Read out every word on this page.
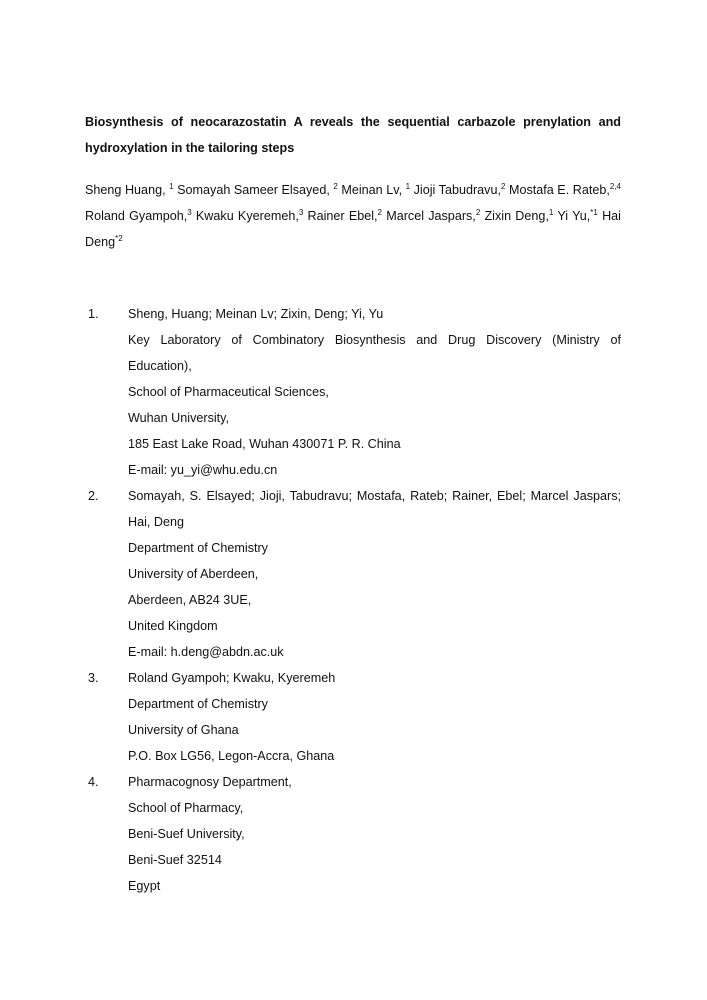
Biosynthesis of neocarazostatin A reveals the sequential carbazole prenylation and hydroxylation in the tailoring steps
Sheng Huang, $^1$ Somayah Sameer Elsayed, $^2$ Meinan Lv, $^1$ Jioji Tabudravu,$^2$ Mostafa E. Rateb,$^{2,4}$ Roland Gyampoh,$^3$ Kwaku Kyeremeh,$^3$ Rainer Ebel,$^2$ Marcel Jaspars,$^2$ Zixin Deng,$^1$ Yi Yu,$^{*1}$ Hai Deng$^{*2}$
1.	Sheng, Huang; Meinan Lv; Zixin, Deng; Yi, Yu
Key Laboratory of Combinatory Biosynthesis and Drug Discovery (Ministry of Education),
School of Pharmaceutical Sciences,
Wuhan University,
185 East Lake Road, Wuhan 430071 P. R. China
E-mail: yu_yi@whu.edu.cn
2.	Somayah, S. Elsayed; Jioji, Tabudravu; Mostafa, Rateb; Rainer, Ebel; Marcel Jaspars; Hai, Deng
Department of Chemistry
University of Aberdeen,
Aberdeen, AB24 3UE,
United Kingdom
E-mail: h.deng@abdn.ac.uk
3.	Roland Gyampoh; Kwaku, Kyeremeh
Department of Chemistry
University of Ghana
P.O. Box LG56, Legon-Accra, Ghana
4.	Pharmacognosy Department,
School of Pharmacy,
Beni-Suef University,
Beni-Suef 32514
Egypt
